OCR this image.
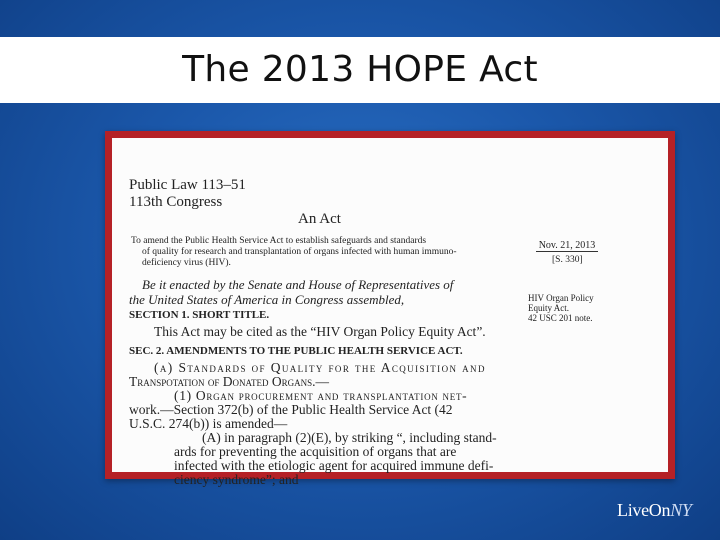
The 2013 HOPE Act
Public Law 113–51
113th Congress
An Act
To amend the Public Health Service Act to establish safeguards and standards
of quality for research and transplantation of organs infected with human immuno-
deficiency virus (HIV).
Nov. 21, 2013
[S. 330]
Be it enacted by the Senate and House of Representatives of
the United States of America in Congress assembled,	HIV Organ Policy
Equity Act.
42 USC 201 note.
SECTION 1. SHORT TITLE.
This Act may be cited as the “HIV Organ Policy Equity Act”.
SEC. 2. AMENDMENTS TO THE PUBLIC HEALTH SERVICE ACT.
(a) Standards of Quality for the Acquisition and
Transpotation of Donated Organs.—
(1) Organ procurement and transplantation net-
work.—Section 372(b) of the Public Health Service Act (42
U.S.C. 274(b)) is amended—
(A) in paragraph (2)(E), by striking “, including stand-
ards for preventing the acquisition of organs that are
infected with the etiologic agent for acquired immune defi-
ciency syndrome”; and
LiveOnNY
